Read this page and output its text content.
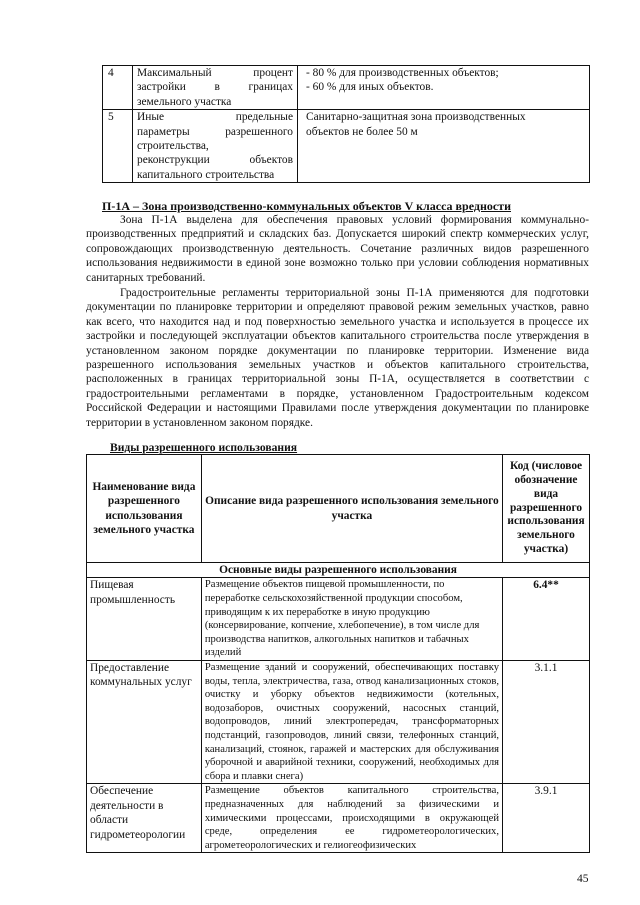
4	Максимальный процент
застройки в границах
земельного участка	- 80 % для производственных объектов;
- 60 % для иных объектов.

5	Иные предельные
параметры разрешенного
строительства,
реконструкции объектов
капитального строительства	Санитарно-защитная зона производственных
объектов не более 50 м
П-1А – Зона производственно-коммунальных объектов V класса вредности
Зона П-1А выделена для обеспечения правовых условий формирования коммунально-производственных предприятий и складских баз. Допускается широкий спектр коммерческих услуг, сопровождающих производственную деятельность. Сочетание различных видов разрешенного использования недвижимости в единой зоне возможно только при условии соблюдения нормативных санитарных требований.
Градостроительные регламенты территориальной зоны П-1А применяются для подготовки документации по планировке территории и определяют правовой режим земельных участков, равно как всего, что находится над и под поверхностью земельного участка и используется в процессе их застройки и последующей эксплуатации объектов капитального строительства после утверждения в установленном законом порядке документации по планировке территории. Изменение вида разрешенного использования земельных участков и объектов капитального строительства, расположенных в границах территориальной зоны П-1А, осуществляется в соответствии с градостроительными регламентами в порядке, установленном Градостроительным кодексом Российской Федерации и настоящими Правилами после утверждения документации по планировке территории в установленном законом порядке.
Виды разрешенного использования
Наименование вида разрешенного использования земельного участка	Описание вида разрешенного использования земельного участка	Код (числовое обозначение вида разрешенного использования земельного участка)
Основные виды разрешенного использования		
Пищевая промышленность	Размещение объектов пищевой промышленности, по переработке сельскохозяйственной продукции способом, приводящим к их переработке в иную продукцию (консервирование, копчение, хлебопечение), в том числе для производства напитков, алкогольных напитков и табачных изделий	6.4**
Предоставление коммунальных услуг	Размещение зданий и сооружений, обеспечивающих поставку воды, тепла, электричества, газа, отвод канализационных стоков, очистку и уборку объектов недвижимости (котельных, водозаборов, очистных сооружений, насосных станций, водопроводов, линий электропередач, трансформаторных подстанций, газопроводов, линий связи, телефонных станций, канализаций, стоянок, гаражей и мастерских для обслуживания уборочной и аварийной техники, сооружений, необходимых для сбора и плавки снега)	3.1.1
Обеспечение деятельности в области гидрометеорологии	Размещение объектов капитального строительства, предназначенных для наблюдений за физическими и химическими процессами, происходящими в окружающей среде, определения ее гидрометеорологических, агрометеорологических и гелиогеофизических	3.9.1
45
